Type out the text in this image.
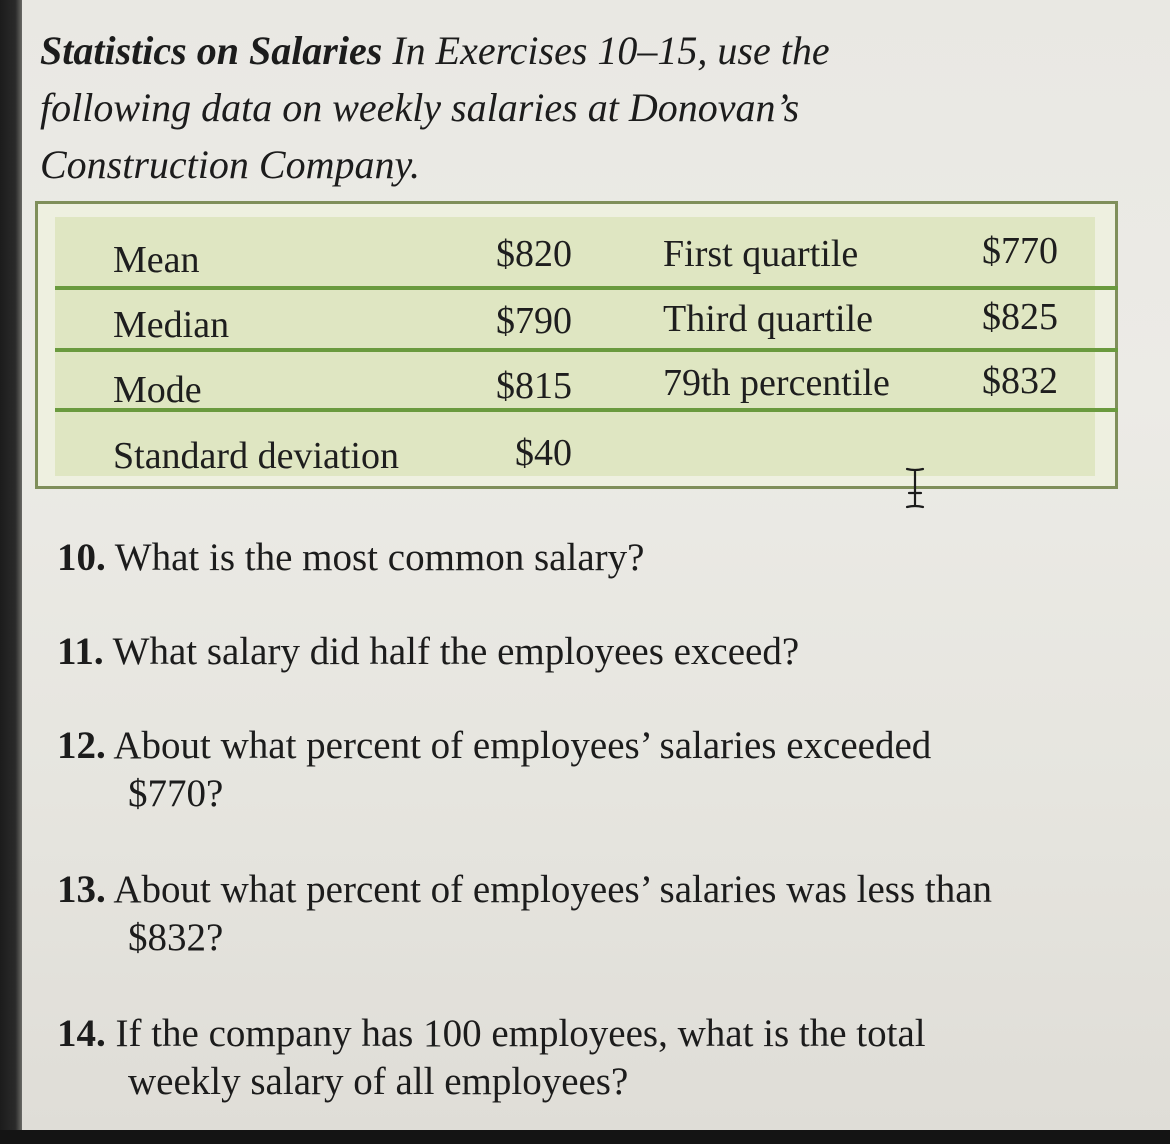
Statistics on Salaries In Exercises 10–15, use the
following data on weekly salaries at Donovan’s
Construction Company.
Mean	$820 First quartile	$770
Median	$790 Third quartile	$825
Mode	$815 79th percentile	$832
Standard deviation	$40
10. What is the most common salary?
11. What salary did half the employees exceed?
12. About what percent of employees’ salaries exceeded
$770?
13. About what percent of employees’ salaries was less than
$832?
14. If the company has 100 employees, what is the total
weekly salary of all employees?
